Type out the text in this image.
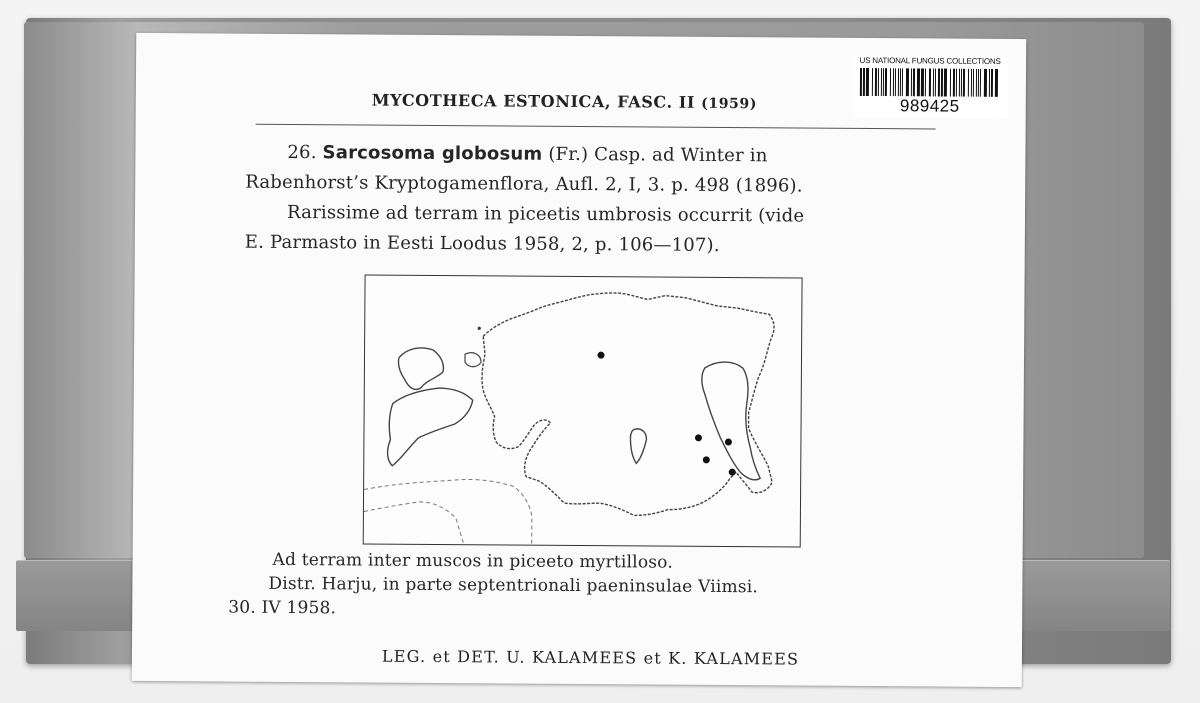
MYCOTHECA ESTONICA, FASC. II (1959)
US NATIONAL FUNGUS COLLECTIONS
989425
26. Sarcosoma globosum (Fr.) Casp. ad Winter in
Rabenhorst’s Kryptogamenflora, Aufl. 2, I, 3. p. 498 (1896).
Rarissime ad terram in piceetis umbrosis occurrit (vide
E. Parmasto in Eesti Loodus 1958, 2, p. 106—107).
Ad terram inter muscos in piceeto myrtilloso.
Distr. Harju, in parte septentrionali paeninsulae Viimsi.
30. IV 1958.
LEG. et DET. U. KALAMEES et K. KALAMEES
